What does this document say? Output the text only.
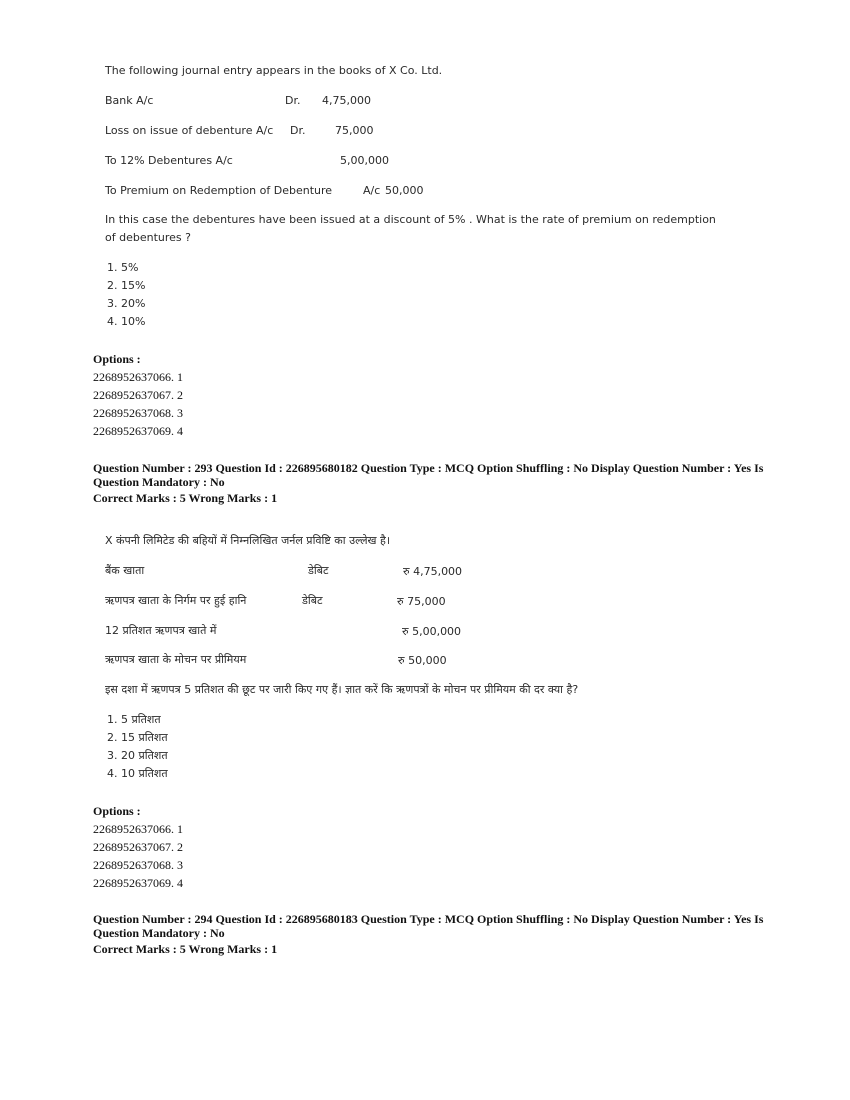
The following journal entry appears in the books of X Co. Ltd.
Bank A/c	Dr. 4,75,000
Loss on issue of debenture A/c Dr.	75,000
To 12% Debentures A/c	5,00,000
To Premium on Redemption of Debenture	A/c 50,000
In this case the debentures have been issued at a discount of 5% . What is the rate of premium on redemption
of debentures ?
1. 5%
2. 15%
3. 20%
4. 10%
Options :
2268952637066. 1
2268952637067. 2
2268952637068. 3
2268952637069. 4
Question Number : 293 Question Id : 226895680182 Question Type : MCQ Option Shuffling : No Display Question Number : Yes Is
Question Mandatory : No
Correct Marks : 5 Wrong Marks : 1
X कंपनी लिमिटेड की बहियों में निम्नलिखित जर्नल प्रविष्टि का उल्लेख है।
बैंक खाता	डेबिट	रु 4,75,000
ऋणपत्र खाता के निर्गम पर हुई हानि	डेबिट	रु 75,000
12 प्रतिशत ऋणपत्र खाते में	रु 5,00,000
ऋणपत्र खाता के मोचन पर प्रीमियम	रु 50,000
इस दशा में ऋणपत्र 5 प्रतिशत की छूट पर जारी किए गए हैं। ज्ञात करें कि ऋणपत्रों के मोचन पर प्रीमियम की दर क्या है?
1. 5 प्रतिशत
2. 15 प्रतिशत
3. 20 प्रतिशत
4. 10 प्रतिशत
Options :
2268952637066. 1
2268952637067. 2
2268952637068. 3
2268952637069. 4
Question Number : 294 Question Id : 226895680183 Question Type : MCQ Option Shuffling : No Display Question Number : Yes Is
Question Mandatory : No
Correct Marks : 5 Wrong Marks : 1
